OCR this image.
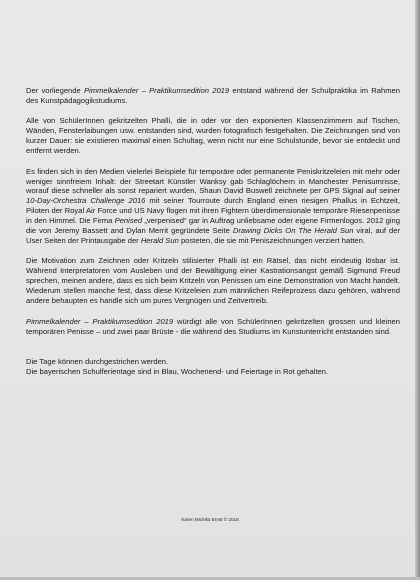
Der vorliegende Pimmelkalender – Praktikumsedition 2019 entstand während der Schulpraktika im Rahmen des Kunstpädagogikstudiums.

Alle von SchülerInnen gekritzelten Phalli, die in oder vor den exponierten Klassenzimmern auf Tischen, Wänden, Fensterlaibungen usw. entstanden sind, wurden fotografisch festgehalten. Die Zeichnungen sind von kurzer Dauer: sie existieren maximal einen Schultag, wenn nicht nur eine Schulstunde, bevor sie entdeckt und entfernt werden.

Es finden sich in den Medien vielerlei Beispiele für temporäre oder permanente Peniskritzeleien mit mehr oder weniger sinnfreiem Inhalt: der Streetart Künstler Wanksy gab Schlaglöchern in Manchester Penisumrisse, worauf diese schneller als sonst repariert wurden, Shaun David Buswell zeichnete per GPS Signal auf seiner 10-Day-Orchestra Challenge 2016 mit seiner Tourroute durch England einen riesigen Phallus in Echtzeit, Piloten der Royal Air Force und US Navy flogen mit ihren Fightern überdimensionale temporäre Riesenpenisse in den Himmel. Die Firma Penised „verpenised“ gar in Auftrag unliebsame oder eigene Firmenlogos. 2012 ging die von Jeremy Bassett and Dylan Merrit gegründete Seite Drawing Dicks On The Herald Sun viral, auf der User Seiten der Printausgabe der Herald Sun posteten, die sie mit Peniszeichnungen verziert hatten.

Die Motivation zum Zeichnen oder Kritzeln stilisierter Phalli ist ein Rätsel, das nicht eindeutig lösbar ist. Während Interpretatoren vom Ausleben und der Bewältigung einer Kastrationsangst gemäß Sigmund Freud sprechen, meinen andere, dass es sich beim Kritzeln von Penissen um eine Demonstration von Macht handelt. Wiederum stellen manche fest, dass diese Kritzeleien zum männlichen Reifeprozess dazu gehören, während andere behaupten es handle sich um pures Vergnügen und Zeitvertreib.

Pimmelkalender – Praktikumsedition 2019 würdigt alle von SchülerInnen gekritzelten grossen und kleinen temporären Penisse – und zwei paar Brüste - die während des Studiums im Kunstunterricht entstanden sind.

Die Tage können durchgestrichen werden.

Die bayerischen Schulferientage sind in Blau, Wochenend- und Feiertage in Rot gehalten.

Karen Michiko Ernst © 2018
